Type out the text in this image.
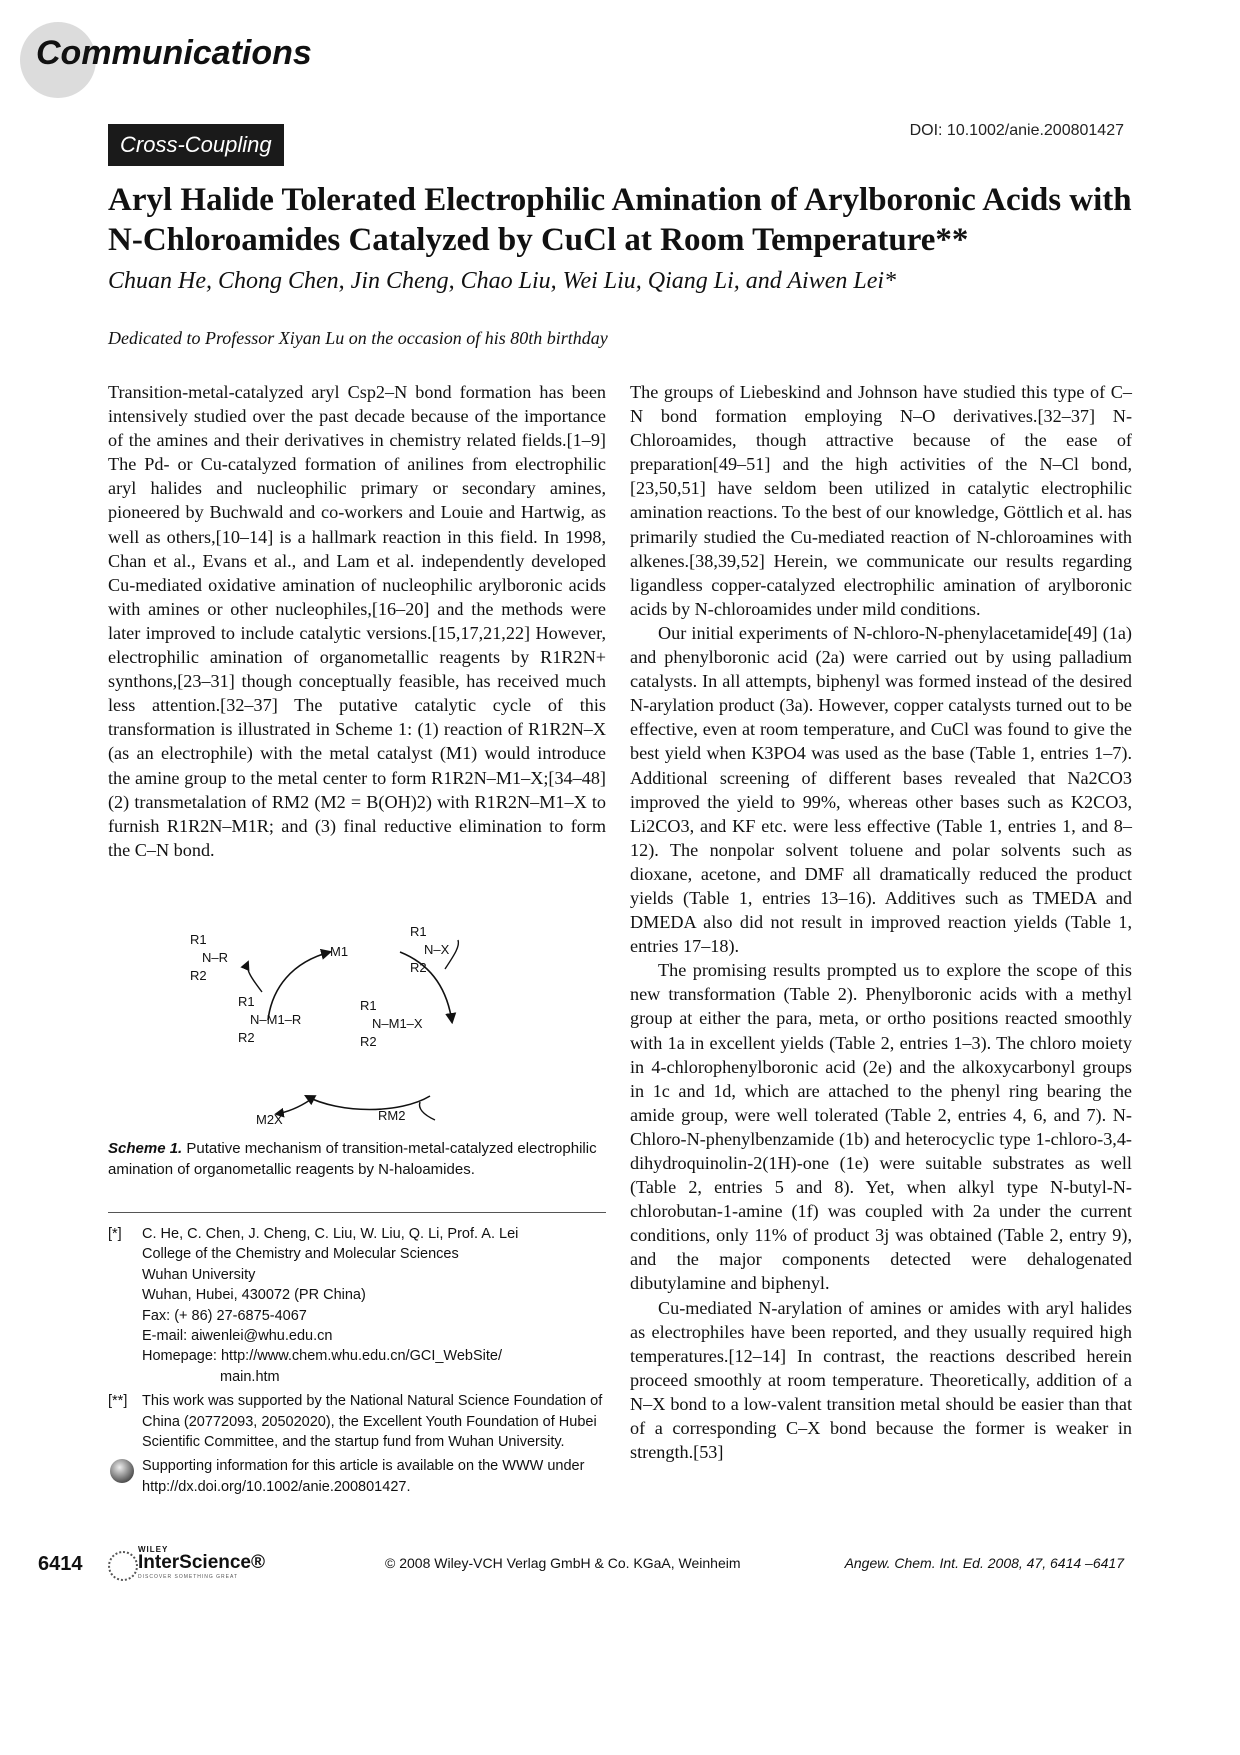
Communications
Cross-Coupling
DOI: 10.1002/anie.200801427
Aryl Halide Tolerated Electrophilic Amination of Arylboronic Acids with N-Chloroamides Catalyzed by CuCl at Room Temperature**
Chuan He, Chong Chen, Jin Cheng, Chao Liu, Wei Liu, Qiang Li, and Aiwen Lei*
Dedicated to Professor Xiyan Lu on the occasion of his 80th birthday

Transition-metal-catalyzed aryl Csp2–N bond formation has been intensively studied over the past decade because of the importance of the amines and their derivatives in chemistry related fields.[1–9] The Pd- or Cu-catalyzed formation of anilines from electrophilic aryl halides and nucleophilic primary or secondary amines, pioneered by Buchwald and co-workers and Louie and Hartwig, as well as others,[10–14] is a hallmark reaction in this field. In 1998, Chan et al., Evans et al., and Lam et al. independently developed Cu-mediated oxidative amination of nucleophilic arylboronic acids with amines or other nucleophiles,[16–20] and the methods were later improved to include catalytic versions.[15,17,21,22] However, electrophilic amination of organometallic reagents by R1R2N+ synthons,[23–31] though conceptually feasible, has received much less attention.[32–37] The putative catalytic cycle of this transformation is illustrated in Scheme 1: (1) reaction of R1R2N–X (as an electrophile) with the metal catalyst (M1) would introduce the amine group to the metal center to form R1R2N–M1–X;[34–48] (2) transmetalation of RM2 (M2 = B(OH)2) with R1R2N–M1–X to furnish R1R2N–M1R; and (3) final reductive elimination to form the C–N bond.

R1
N–R
R2
M1
R1
N–X
R2
R1
N–M1–R
R2
R1
N–M1–X
R2
M2X	RM2
Scheme 1. Putative mechanism of transition-metal-catalyzed electrophilic amination of organometallic reagents by N-haloamides.
[*] C. He, C. Chen, J. Cheng, C. Liu, W. Liu, Q. Li, Prof. A. Lei
College of the Chemistry and Molecular Sciences
Wuhan University
Wuhan, Hubei, 430072 (PR China)
Fax: (+ 86) 27-6875-4067
E-mail: aiwenlei@whu.edu.cn
Homepage: http://www.chem.whu.edu.cn/GCI_WebSite/
main.htm
[**] This work was supported by the National Natural Science Foundation of China (20772093, 20502020), the Excellent Youth Foundation of Hubei Scientific Committee, and the startup fund from Wuhan University.
Supporting information for this article is available on the WWW under http://dx.doi.org/10.1002/anie.200801427.

The groups of Liebeskind and Johnson have studied this type of C–N bond formation employing N–O derivatives.[32–37] N-Chloroamides, though attractive because of the ease of preparation[49–51] and the high activities of the N–Cl bond,[23,50,51] have seldom been utilized in catalytic electrophilic amination reactions. To the best of our knowledge, Göttlich et al. has primarily studied the Cu-mediated reaction of N-chloroamines with alkenes.[38,39,52] Herein, we communicate our results regarding ligandless copper-catalyzed electrophilic amination of arylboronic acids by N-chloroamides under mild conditions.

Our initial experiments of N-chloro-N-phenylacetamide[49] (1a) and phenylboronic acid (2a) were carried out by using palladium catalysts. In all attempts, biphenyl was formed instead of the desired N-arylation product (3a). However, copper catalysts turned out to be effective, even at room temperature, and CuCl was found to give the best yield when K3PO4 was used as the base (Table 1, entries 1–7). Additional screening of different bases revealed that Na2CO3 improved the yield to 99%, whereas other bases such as K2CO3, Li2CO3, and KF etc. were less effective (Table 1, entries 1, and 8–12). The nonpolar solvent toluene and polar solvents such as dioxane, acetone, and DMF all dramatically reduced the product yields (Table 1, entries 13–16). Additives such as TMEDA and DMEDA also did not result in improved reaction yields (Table 1, entries 17–18).

The promising results prompted us to explore the scope of this new transformation (Table 2). Phenylboronic acids with a methyl group at either the para, meta, or ortho positions reacted smoothly with 1a in excellent yields (Table 2, entries 1–3). The chloro moiety in 4-chlorophenylboronic acid (2e) and the alkoxycarbonyl groups in 1c and 1d, which are attached to the phenyl ring bearing the amide group, were well tolerated (Table 2, entries 4, 6, and 7). N-Chloro-N-phenylbenzamide (1b) and heterocyclic type 1-chloro-3,4-dihydroquinolin-2(1H)-one (1e) were suitable substrates as well (Table 2, entries 5 and 8). Yet, when alkyl type N-butyl-N-chlorobutan-1-amine (1f) was coupled with 2a under the current conditions, only 11% of product 3j was obtained (Table 2, entry 9), and the major components detected were dehalogenated dibutylamine and biphenyl.

Cu-mediated N-arylation of amines or amides with aryl halides as electrophiles have been reported, and they usually required high temperatures.[12–14] In contrast, the reactions described herein proceed smoothly at room temperature. Theoretically, addition of a N–X bond to a low-valent transition metal should be easier than that of a corresponding C–X bond because the former is weaker in strength.[53]

6414
WILEY
InterScience®
DISCOVER SOMETHING GREAT
© 2008 Wiley-VCH Verlag GmbH & Co. KGaA, Weinheim	Angew. Chem. Int. Ed. 2008, 47, 6414 –6417
